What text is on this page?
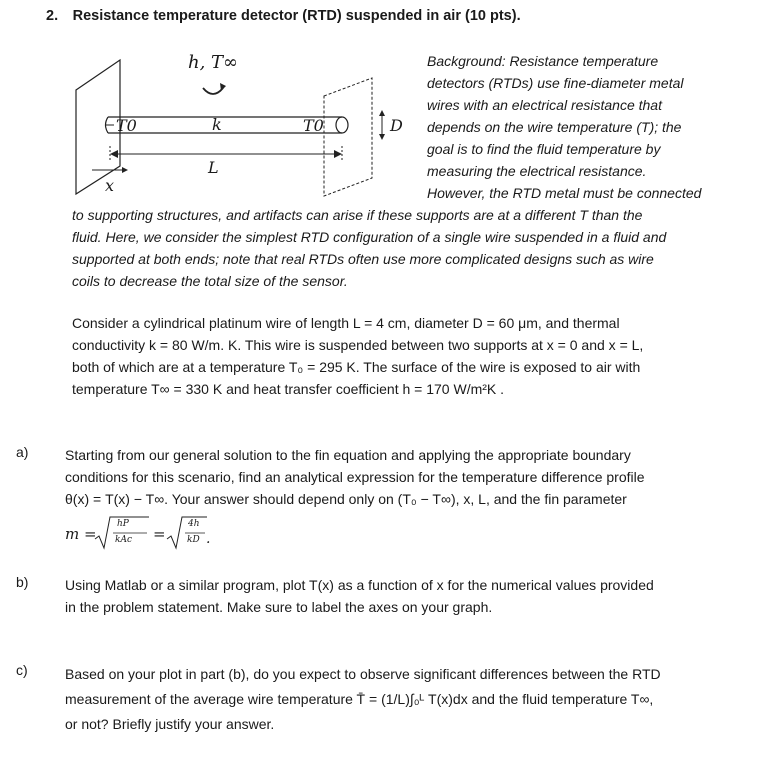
2. Resistance temperature detector (RTD) suspended in air (10 pts).
h, T∞
T0	k	T0	D
L
x
Background: Resistance temperature
detectors (RTDs) use fine-diameter metal
wires with an electrical resistance that
depends on the wire temperature (T); the
goal is to find the fluid temperature by
measuring the electrical resistance.
However, the RTD metal must be connected
to supporting structures, and artifacts can arise if these supports are at a different T than the
fluid. Here, we consider the simplest RTD configuration of a single wire suspended in a fluid and
supported at both ends; note that real RTDs often use more complicated designs such as wire
coils to decrease the total size of the sensor.
Consider a cylindrical platinum wire of length L = 4 cm, diameter D = 60 μm, and thermal
conductivity k = 80 W/m. K. This wire is suspended between two supports at x = 0 and x = L,
both of which are at a temperature T₀ = 295 K. The surface of the wire is exposed to air with
temperature T∞ = 330 K and heat transfer coefficient h = 170 W/m²K .
a)	Starting from our general solution to the fin equation and applying the appropriate boundary
conditions for this scenario, find an analytical expression for the temperature difference profile
θ(x) = T(x) − T∞. Your answer should depend only on (T₀ − T∞), x, L, and the fin parameter
m =
hP
kAc =
4h
kD .
b)	Using Matlab or a similar program, plot T(x) as a function of x for the numerical values provided
in the problem statement. Make sure to label the axes on your graph.
c)	Based on your plot in part (b), do you expect to observe significant differences between the RTD
measurement of the average wire temperature T̄ = (1/L)∫₀ᴸ T(x)dx and the fluid temperature T∞,
or not? Briefly justify your answer.
